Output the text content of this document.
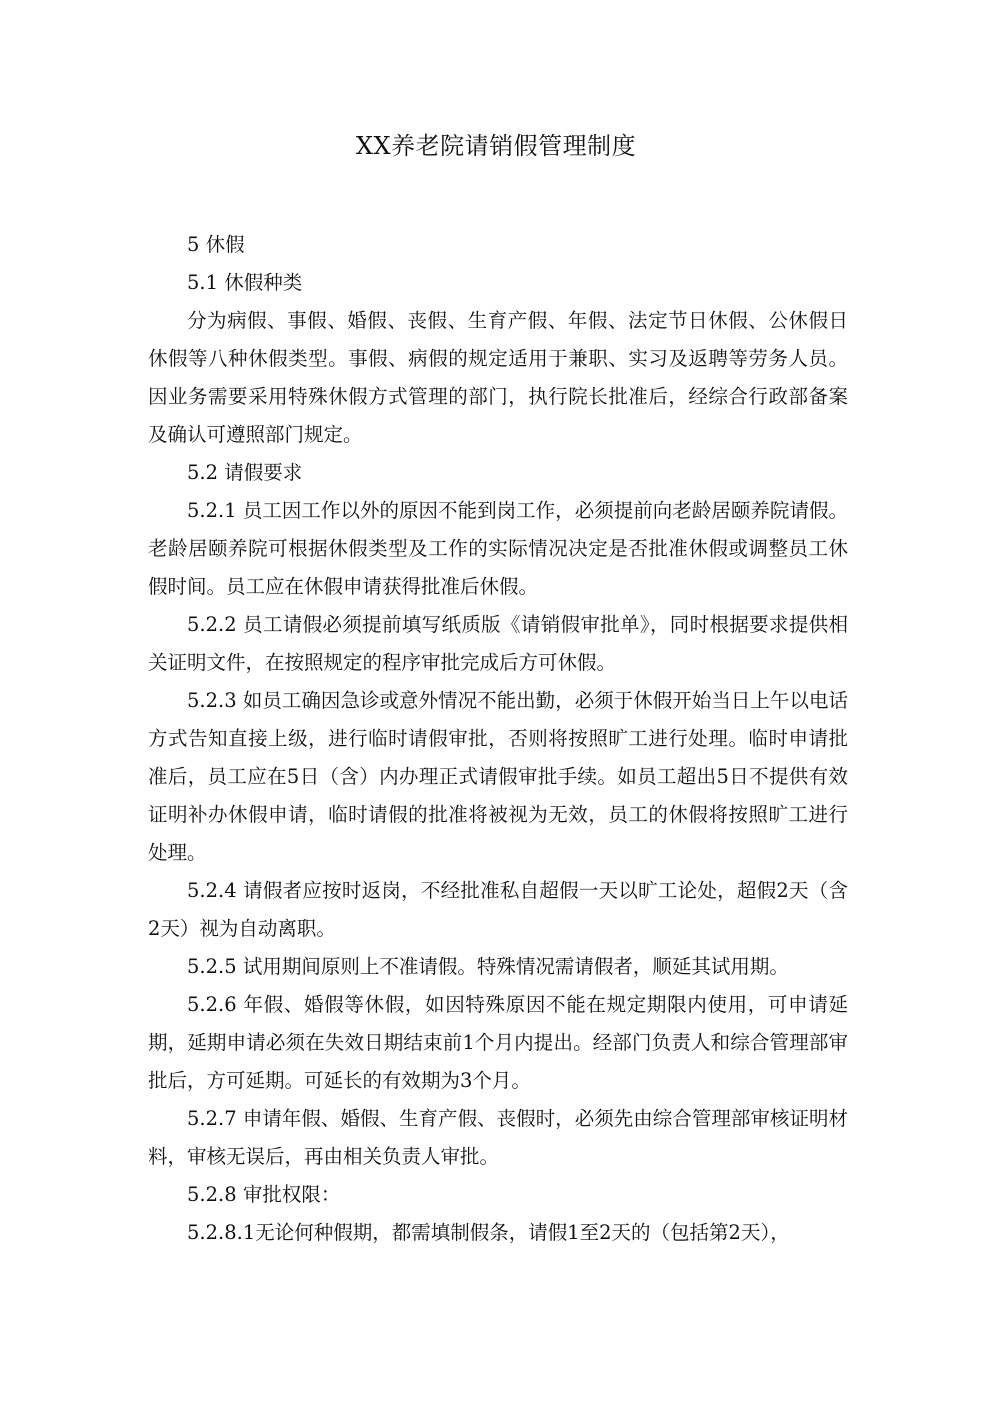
XX养老院请销假管理制度

5 休假

5.1 休假种类

分为病假、事假、婚假、丧假、生育产假、年假、法定节日休假、公休假日休假等八种休假类型。事假、病假的规定适用于兼职、实习及返聘等劳务人员。因业务需要采用特殊休假方式管理的部门，执行院长批准后，经综合行政部备案及确认可遵照部门规定。

5.2 请假要求

5.2.1 员工因工作以外的原因不能到岗工作，必须提前向老龄居颐养院请假。老龄居颐养院可根据休假类型及工作的实际情况决定是否批准休假或调整员工休假时间。员工应在休假申请获得批准后休假。

5.2.2 员工请假必须提前填写纸质版《请销假审批单》，同时根据要求提供相关证明文件，在按照规定的程序审批完成后方可休假。

5.2.3 如员工确因急诊或意外情况不能出勤，必须于休假开始当日上午以电话方式告知直接上级，进行临时请假审批，否则将按照旷工进行处理。临时申请批准后，员工应在5日（含）内办理正式请假审批手续。如员工超出5日不提供有效证明补办休假申请，临时请假的批准将被视为无效，员工的休假将按照旷工进行处理。

5.2.4 请假者应按时返岗，不经批准私自超假一天以旷工论处，超假2天（含2天）视为自动离职。

5.2.5 试用期间原则上不准请假。特殊情况需请假者，顺延其试用期。

5.2.6 年假、婚假等休假，如因特殊原因不能在规定期限内使用，可申请延期，延期申请必须在失效日期结束前1个月内提出。经部门负责人和综合管理部审批后，方可延期。可延长的有效期为3个月。

5.2.7 申请年假、婚假、生育产假、丧假时，必须先由综合管理部审核证明材料，审核无误后，再由相关负责人审批。

5.2.8 审批权限：

5.2.8.1无论何种假期，都需填制假条，请假1至2天的（包括第2天），
